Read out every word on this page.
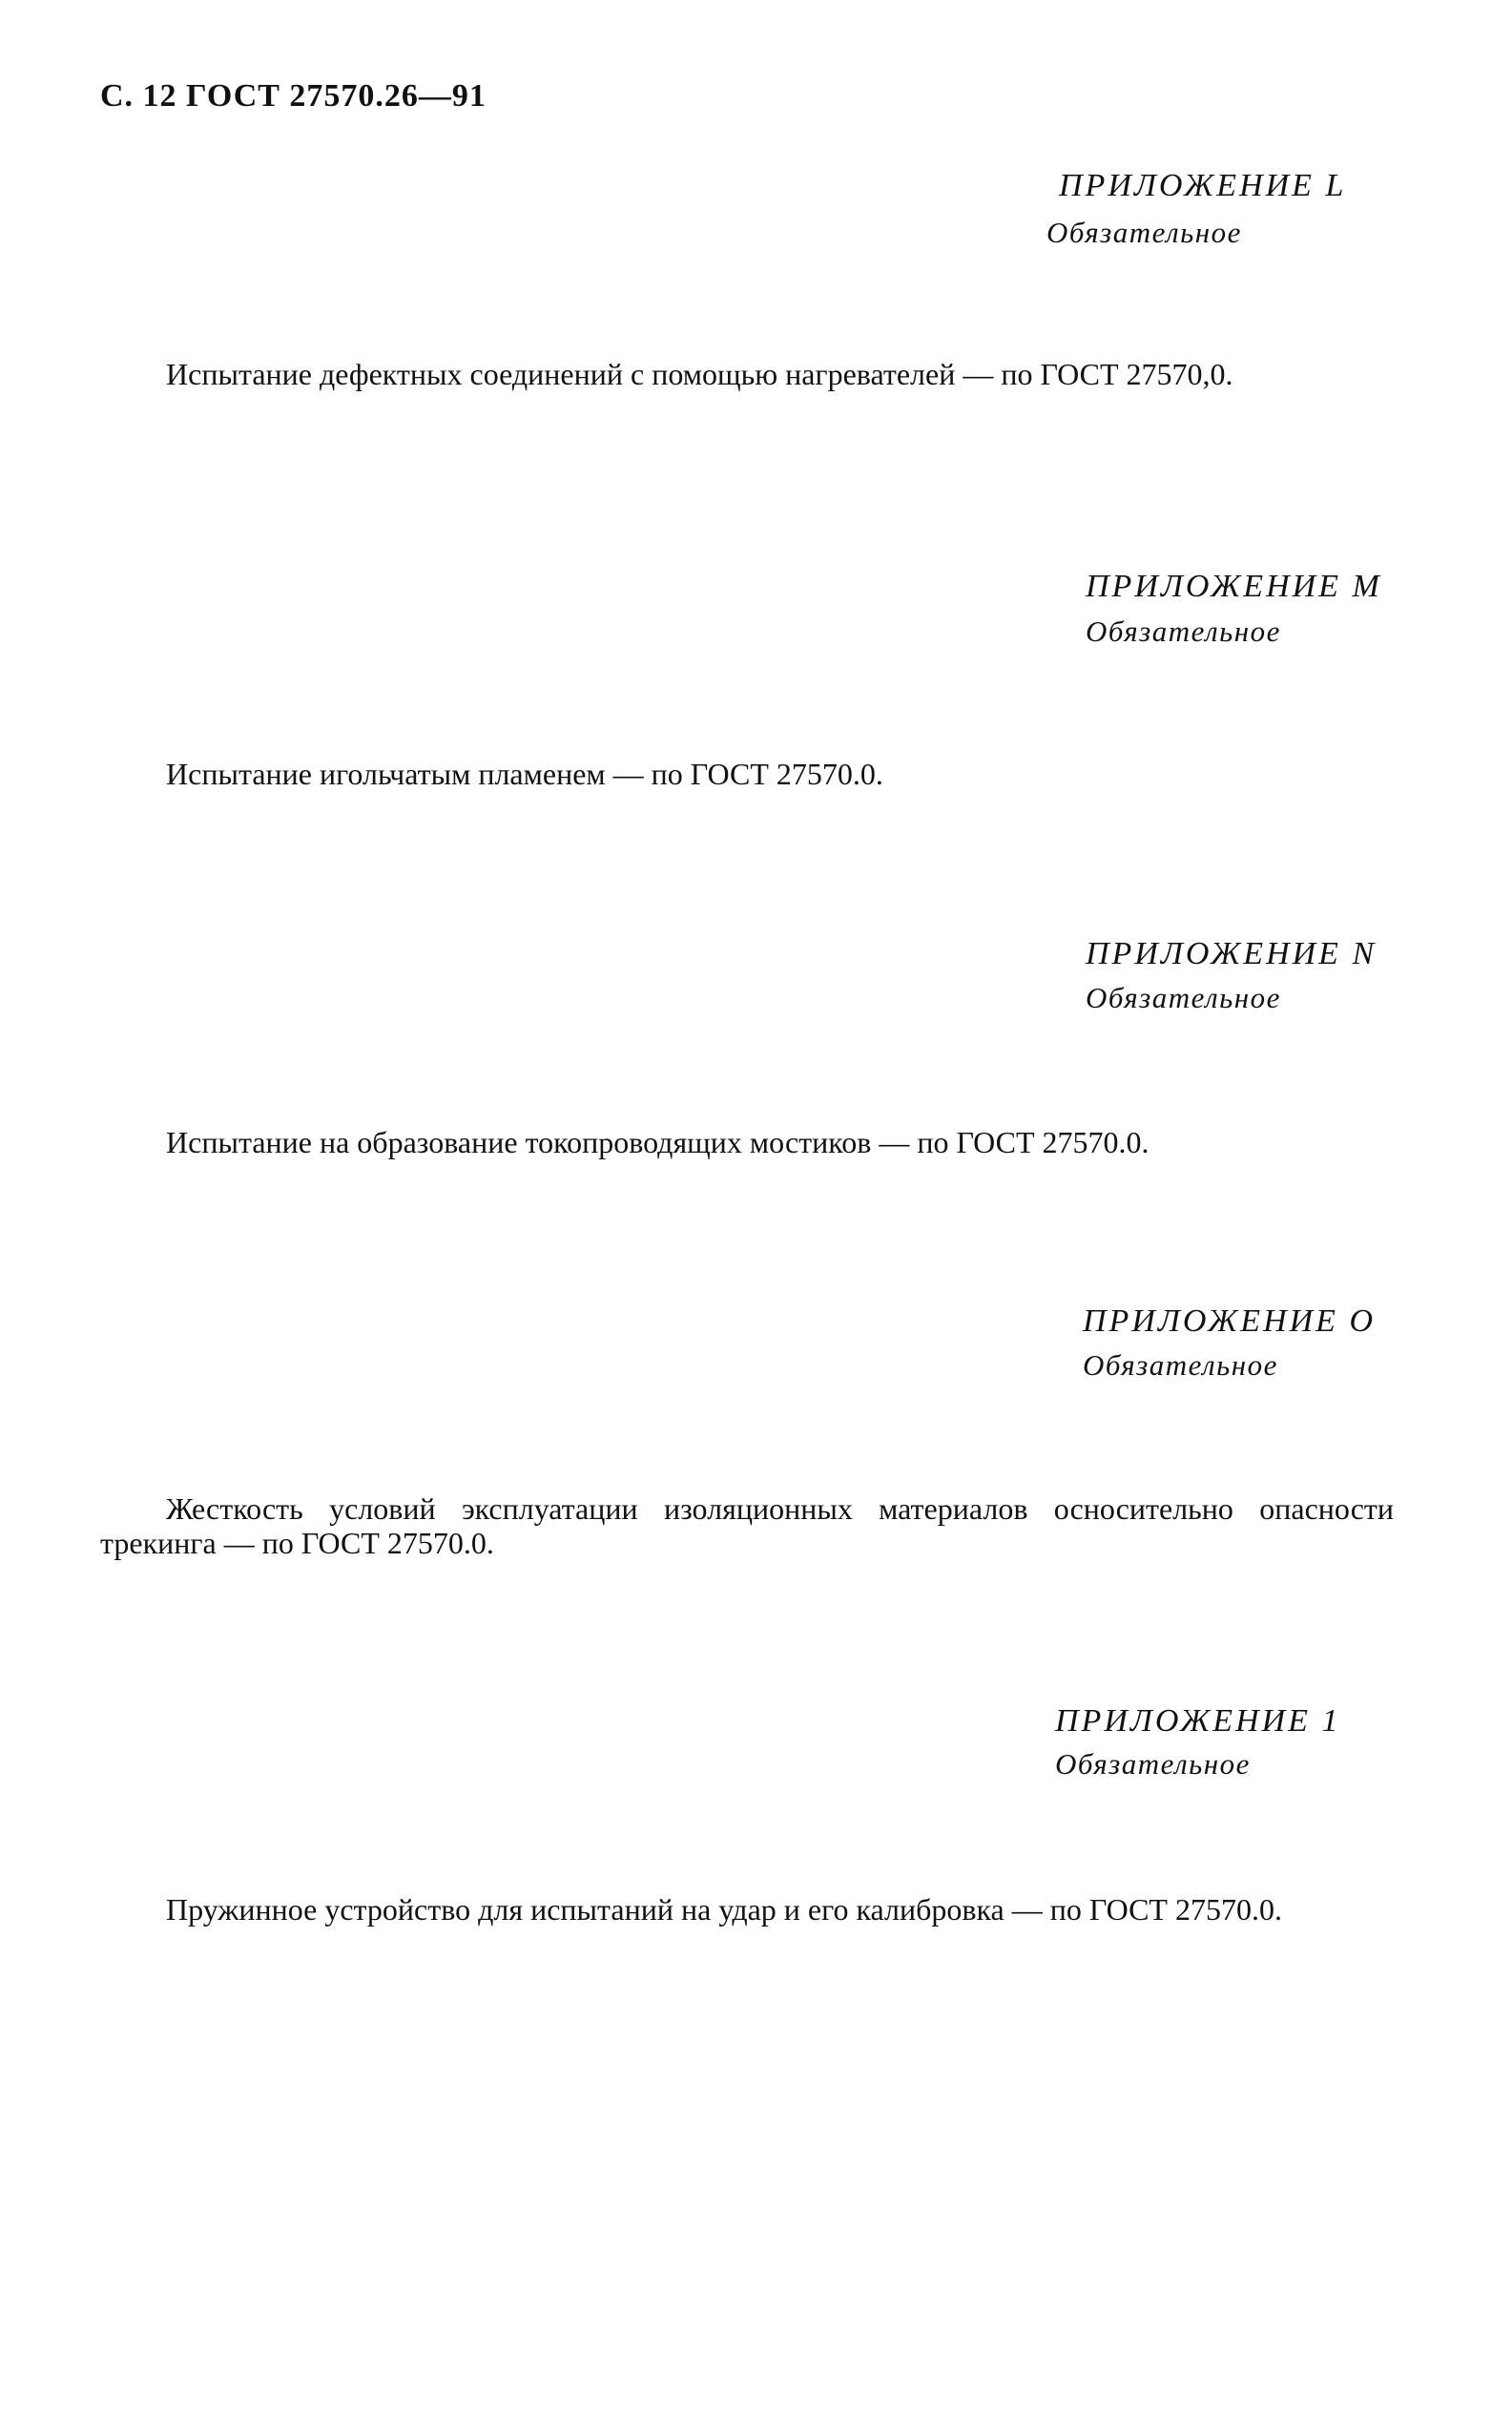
С. 12 ГОСТ 27570.26—91
ПРИЛОЖЕНИЕ L
Обязательное
Испытание дефектных соединений с помощью нагревателей — по ГОСТ 27570,0.
ПРИЛОЖЕНИЕ M
Обязательное
Испытание игольчатым пламенем — по ГОСТ 27570.0.
ПРИЛОЖЕНИЕ N
Обязательное
Испытание на образование токопроводящих мостиков — по ГОСТ 27570.0.
ПРИЛОЖЕНИЕ O
Обязательное
Жесткость условий эксплуатации изоляционных материалов осносительно опасности трекинга — по ГОСТ 27570.0.
ПРИЛОЖЕНИЕ 1
Обязательное
Пружинное устройство для испытаний на удар и его калибровка — по ГОСТ 27570.0.
